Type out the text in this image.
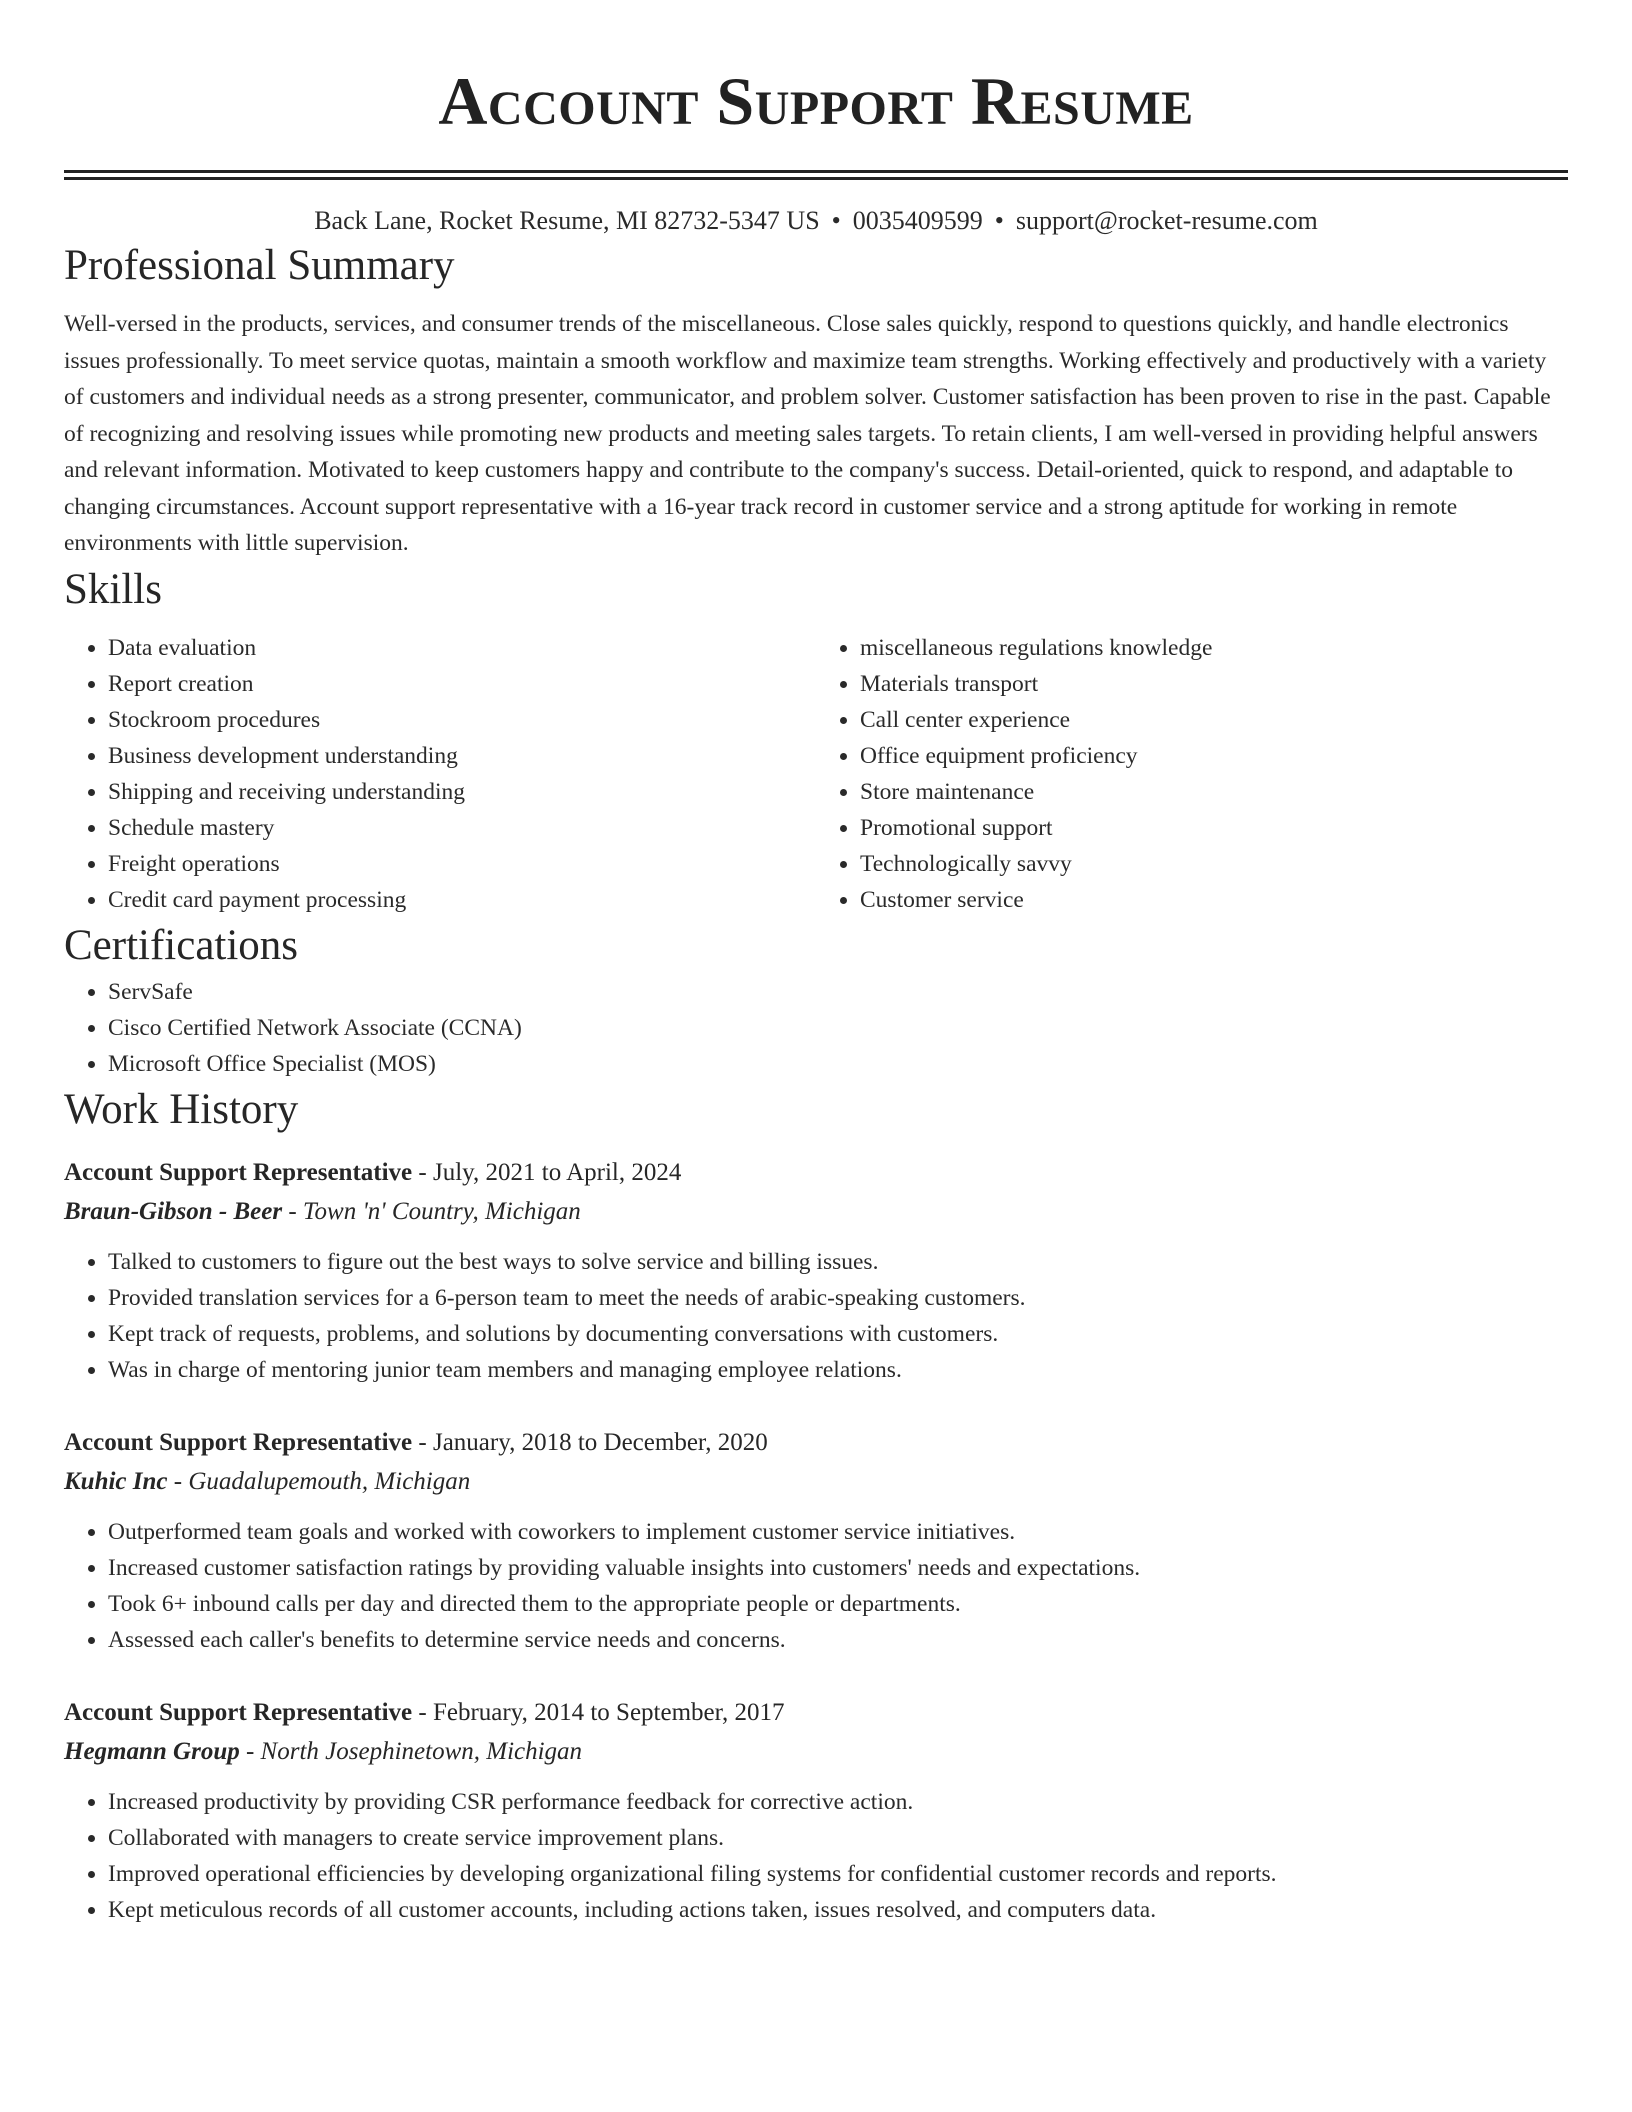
Account Support Resume
Back Lane, Rocket Resume, MI 82732-5347 US • 0035409599 • support@rocket-resume.com
Professional Summary

Well-versed in the products, services, and consumer trends of the miscellaneous. Close sales quickly, respond to questions quickly, and handle electronics issues professionally. To meet service quotas, maintain a smooth workflow and maximize team strengths. Working effectively and productively with a variety of customers and individual needs as a strong presenter, communicator, and problem solver. Customer satisfaction has been proven to rise in the past. Capable of recognizing and resolving issues while promoting new products and meeting sales targets. To retain clients, I am well-versed in providing helpful answers and relevant information. Motivated to keep customers happy and contribute to the company's success. Detail-oriented, quick to respond, and adaptable to changing circumstances. Account support representative with a 16-year track record in customer service and a strong aptitude for working in remote environments with little supervision.

Skills
• Data evaluation
• Report creation
• Stockroom procedures
• Business development understanding
• Shipping and receiving understanding
• Schedule mastery
• Freight operations
• Credit card payment processing
• miscellaneous regulations knowledge
• Materials transport
• Call center experience
• Office equipment proficiency
• Store maintenance
• Promotional support
• Technologically savvy
• Customer service
Certifications
• ServSafe
• Cisco Certified Network Associate (CCNA)
• Microsoft Office Specialist (MOS)
Work History
Account Support Representative - July, 2021 to April, 2024
Braun-Gibson - Beer - Town 'n' Country, Michigan
• Talked to customers to figure out the best ways to solve service and billing issues.
• Provided translation services for a 6-person team to meet the needs of arabic-speaking customers.
• Kept track of requests, problems, and solutions by documenting conversations with customers.
• Was in charge of mentoring junior team members and managing employee relations.
Account Support Representative - January, 2018 to December, 2020
Kuhic Inc - Guadalupemouth, Michigan
• Outperformed team goals and worked with coworkers to implement customer service initiatives.
• Increased customer satisfaction ratings by providing valuable insights into customers' needs and expectations.
• Took 6+ inbound calls per day and directed them to the appropriate people or departments.
• Assessed each caller's benefits to determine service needs and concerns.
Account Support Representative - February, 2014 to September, 2017
Hegmann Group - North Josephinetown, Michigan
• Increased productivity by providing CSR performance feedback for corrective action.
• Collaborated with managers to create service improvement plans.
• Improved operational efficiencies by developing organizational filing systems for confidential customer records and reports.
• Kept meticulous records of all customer accounts, including actions taken, issues resolved, and computers data.
